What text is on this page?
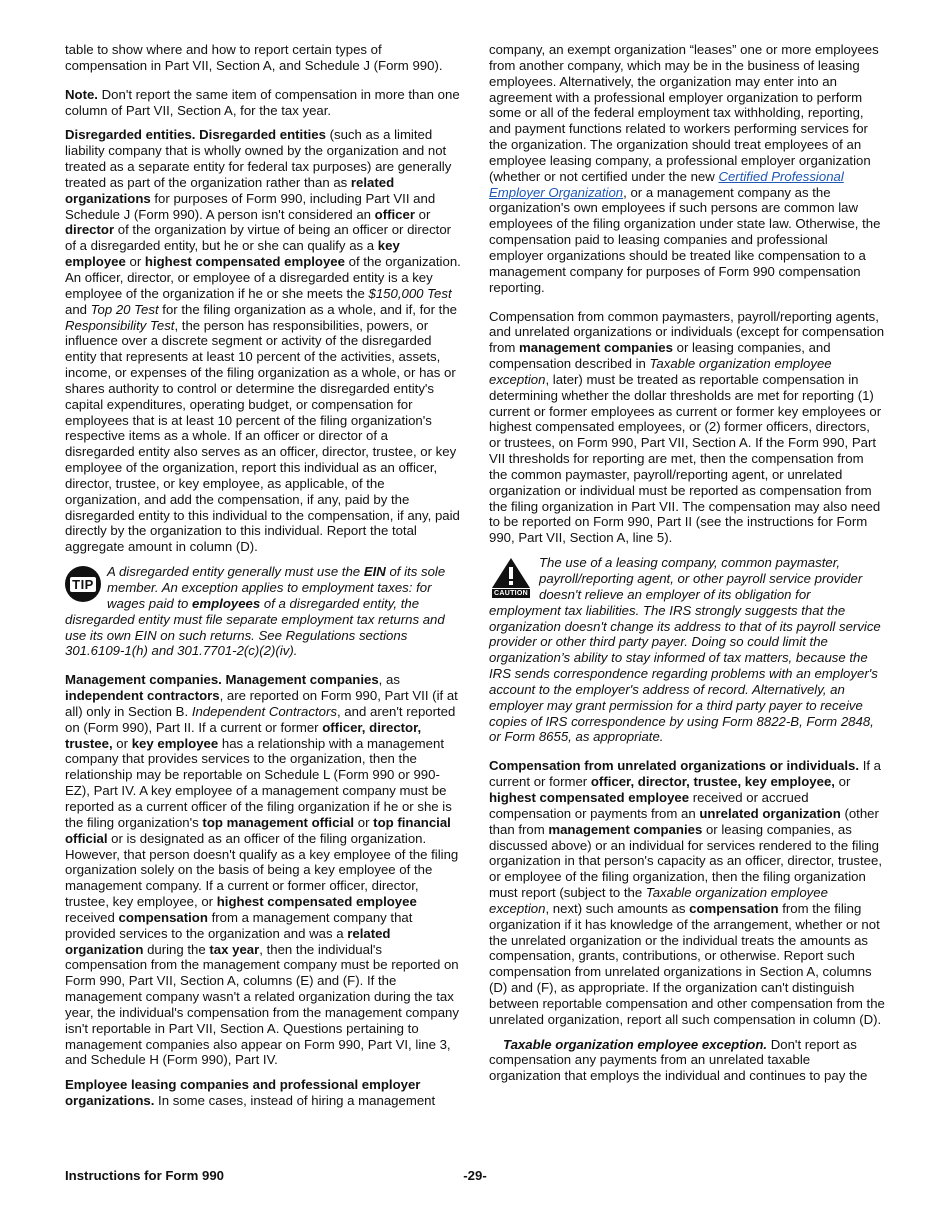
table to show where and how to report certain types of compensation in Part VII, Section A, and Schedule J (Form 990).

Note. Don't report the same item of compensation in more than one column of Part VII, Section A, for the tax year.

Disregarded entities. Disregarded entities (such as a limited liability company that is wholly owned by the organization and not treated as a separate entity for federal tax purposes) are generally treated as part of the organization rather than as related organizations for purposes of Form 990, including Part VII and Schedule J (Form 990). A person isn't considered an officer or director of the organization by virtue of being an officer or director of a disregarded entity, but he or she can qualify as a key employee or highest compensated employee of the organization. An officer, director, or employee of a disregarded entity is a key employee of the organization if he or she meets the $150,000 Test and Top 20 Test for the filing organization as a whole, and if, for the Responsibility Test, the person has responsibilities, powers, or influence over a discrete segment or activity of the disregarded entity that represents at least 10 percent of the activities, assets, income, or expenses of the filing organization as a whole, or has or shares authority to control or determine the disregarded entity's capital expenditures, operating budget, or compensation for employees that is at least 10 percent of the filing organization's respective items as a whole. If an officer or director of a disregarded entity also serves as an officer, director, trustee, or key employee of the organization, report this individual as an officer, director, trustee, or key employee, as applicable, of the organization, and add the compensation, if any, paid by the disregarded entity to this individual to the compensation, if any, paid directly by the organization to this individual. Report the total aggregate amount in column (D).

TIP
A disregarded entity generally must use the EIN of its sole member. An exception applies to employment taxes: for wages paid to employees of a disregarded entity, the disregarded entity must file separate employment tax returns and use its own EIN on such returns. See Regulations sections 301.6109-1(h) and 301.7701-2(c)(2)(iv).

Management companies. Management companies, as independent contractors, are reported on Form 990, Part VII (if at all) only in Section B. Independent Contractors, and aren't reported on (Form 990), Part II. If a current or former officer, director, trustee, or key employee has a relationship with a management company that provides services to the organization, then the relationship may be reportable on Schedule L (Form 990 or 990-EZ), Part IV. A key employee of a management company must be reported as a current officer of the filing organization if he or she is the filing organization's top management official or top financial official or is designated as an officer of the filing organization. However, that person doesn't qualify as a key employee of the filing organization solely on the basis of being a key employee of the management company. If a current or former officer, director, trustee, key employee, or highest compensated employee received compensation from a management company that provided services to the organization and was a related organization during the tax year, then the individual's compensation from the management company must be reported on Form 990, Part VII, Section A, columns (E) and (F). If the management company wasn't a related organization during the tax year, the individual's compensation from the management company isn't reportable in Part VII, Section A. Questions pertaining to management companies also appear on Form 990, Part VI, line 3, and Schedule H (Form 990), Part IV.

Employee leasing companies and professional employer organizations. In some cases, instead of hiring a management

company, an exempt organization “leases” one or more employees from another company, which may be in the business of leasing employees. Alternatively, the organization may enter into an agreement with a professional employer organization to perform some or all of the federal employment tax withholding, reporting, and payment functions related to workers performing services for the organization. The organization should treat employees of an employee leasing company, a professional employer organization (whether or not certified under the new Certified Professional Employer Organization, or a management company as the organization's own employees if such persons are common law employees of the filing organization under state law. Otherwise, the compensation paid to leasing companies and professional employer organizations should be treated like compensation to a management company for purposes of Form 990 compensation reporting.

Compensation from common paymasters, payroll/reporting agents, and unrelated organizations or individuals (except for compensation from management companies or leasing companies, and compensation described in Taxable organization employee exception, later) must be treated as reportable compensation in determining whether the dollar thresholds are met for reporting (1) current or former employees as current or former key employees or highest compensated employees, or (2) former officers, directors, or trustees, on Form 990, Part VII, Section A. If the Form 990, Part VII thresholds for reporting are met, then the compensation from the common paymaster, payroll/reporting agent, or unrelated organization or individual must be reported as compensation from the filing organization in Part VII. The compensation may also need to be reported on Form 990, Part II (see the instructions for Form 990, Part VII, Section A, line 5).

CAUTION
The use of a leasing company, common paymaster, payroll/reporting agent, or other payroll service provider doesn't relieve an employer of its obligation for employment tax liabilities. The IRS strongly suggests that the organization doesn't change its address to that of its payroll service provider or other third party payer. Doing so could limit the organization’s ability to stay informed of tax matters, because the IRS sends correspondence regarding problems with an employer's account to the employer's address of record. Alternatively, an employer may grant permission for a third party payer to receive copies of IRS correspondence by using Form 8822-B, Form 2848, or Form 8655, as appropriate.

Compensation from unrelated organizations or individuals. If a current or former officer, director, trustee, key employee, or highest compensated employee received or accrued compensation or payments from an unrelated organization (other than from management companies or leasing companies, as discussed above) or an individual for services rendered to the filing organization in that person's capacity as an officer, director, trustee, or employee of the filing organization, then the filing organization must report (subject to the Taxable organization employee exception, next) such amounts as compensation from the filing organization if it has knowledge of the arrangement, whether or not the unrelated organization or the individual treats the amounts as compensation, grants, contributions, or otherwise. Report such compensation from unrelated organizations in Section A, columns (D) and (F), as appropriate. If the organization can't distinguish between reportable compensation and other compensation from the unrelated organization, report all such compensation in column (D).

Taxable organization employee exception. Don't report as compensation any payments from an unrelated taxable organization that employs the individual and continues to pay the

Instructions for Form 990	-29-
